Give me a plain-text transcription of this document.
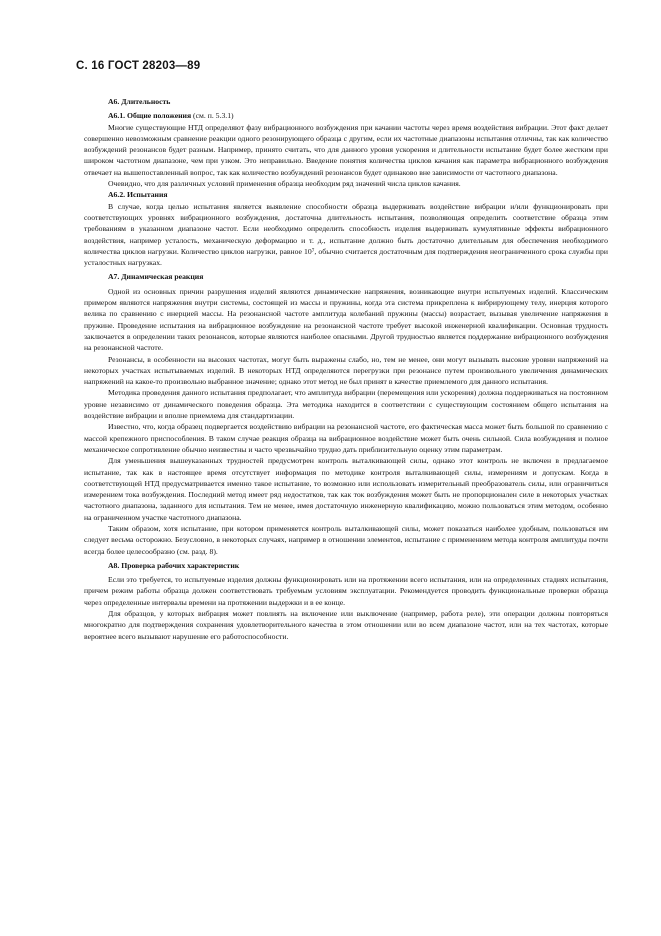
С. 16 ГОСТ 28203—89
А6. Длительность

А6.1. Общие положения (см. п. 5.3.1)

Многие существующие НТД определяют фазу вибрационного возбуждения при качании частоты через время воздействия вибрации. Этот факт делает совершенно невозможным сравнение реакции одного резонирующего образца с другим, если их частотные диапазоны испытания отличны, так как количество возбуждений резонансов будет разным. Например, принято считать, что для данного уровня ускорения и длительности испытание будет более жестким при широком частотном диапазоне, чем при узком. Это неправильно. Введение понятия количества циклов качания как параметра вибрационного возбуждения отвечает на вышепоставленный вопрос, так как количество возбуждений резонансов будет одинаково вне зависимости от частотного диапазона.

Очевидно, что для различных условий применения образца необходим ряд значений числа циклов качания.

А6.2. Испытания

В случае, когда целью испытания является выявление способности образца выдерживать воздействие вибрации и/или функционировать при соответствующих уровнях вибрационного возбуждения, достаточна длительность испытания, позволяющая определить соответствие образца этим требованиям в указанном диапазоне частот. Если необходимо определить способность изделия выдерживать кумулятивные эффекты вибрационного воздействия, например усталость, механическую деформацию и т. д., испытание должно быть достаточно длительным для обеспечения необходимого количества циклов нагрузки. Количество циклов нагрузки, равное 10⁷, обычно считается достаточным для подтверждения неограниченного срока службы при усталостных нагрузках.

А7. Динамическая реакция

Одной из основных причин разрушения изделий являются динамические напряжения, возникающие внутри испытуемых изделий. Классическим примером являются напряжения внутри системы, состоящей из массы и пружины, когда эта система прикреплена к вибрирующему телу, инерция которого велика по сравнению с инерцией массы. На резонансной частоте амплитуда колебаний пружины (массы) возрастает, вызывая увеличение напряжения в пружине. Проведение испытания на вибрационное возбуждение на резонансной частоте требует высокой инженерной квалификации. Основная трудность заключается в определении таких резонансов, которые являются наиболее опасными. Другой трудностью является поддержание вибрационного возбуждения на резонансной частоте.

Резонансы, в особенности на высоких частотах, могут быть выражены слабо, но, тем не менее, они могут вызывать высокие уровни напряжений на некоторых участках испытываемых изделий. В некоторых НТД определяются перегрузки при резонансе путем произвольного увеличения динамических напряжений на какое-то произвольно выбранное значение; однако этот метод не был принят в качестве приемлемого для данного испытания.

Методика проведения данного испытания предполагает, что амплитуда вибрации (перемещения или ускорения) должна поддерживаться на постоянном уровне независимо от динамического поведения образца. Эта методика находится в соответствии с существующим состоянием общего испытания на воздействие вибрации и вполне приемлема для стандартизации.

Известно, что, когда образец подвергается воздействию вибрации на резонансной частоте, его фактическая масса может быть большой по сравнению с массой крепежного приспособления. В таком случае реакция образца на вибрационное воздействие может быть очень сильной. Сила возбуждения и полное механическое сопротивление обычно неизвестны и часто чрезвычайно трудно дать приблизительную оценку этим параметрам.

Для уменьшения вышеуказанных трудностей предусмотрен контроль выталкивающей силы, однако этот контроль не включен в предлагаемое испытание, так как в настоящее время отсутствует информация по методике контроля выталкивающей силы, измерениям и допускам. Когда в соответствующей НТД предусматривается именно такое испытание, то возможно или использовать измерительный преобразователь силы, или ограничиться измерением тока возбуждения. Последний метод имеет ряд недостатков, так как ток возбуждения может быть не пропорционален силе в некоторых участках частотного диапазона, заданного для испытания. Тем не менее, имея достаточную инженерную квалификацию, можно пользоваться этим методом, особенно на ограниченном участке частотного диапазона.

Таким образом, хотя испытание, при котором применяется контроль выталкивающей силы, может показаться наиболее удобным, пользоваться им следует весьма осторожно. Безусловно, в некоторых случаях, например в отношении элементов, испытание с применением метода контроля амплитуды почти всегда более целесообразно (см. разд. 8).

А8. Проверка рабочих характеристик

Если это требуется, то испытуемые изделия должны функционировать или на протяжении всего испытания, или на определенных стадиях испытания, причем режим работы образца должен соответствовать требуемым условиям эксплуатации. Рекомендуется проводить функциональные проверки образца через определенные интервалы времени на протяжении выдержки и в ее конце.

Для образцов, у которых вибрация может повлиять на включение или выключение (например, работа реле), эти операции должны повторяться многократно для подтверждения сохранения удовлетворительного качества в этом отношении или во всем диапазоне частот, или на тех частотах, которые вероятнее всего вызывают нарушение его работоспособности.
